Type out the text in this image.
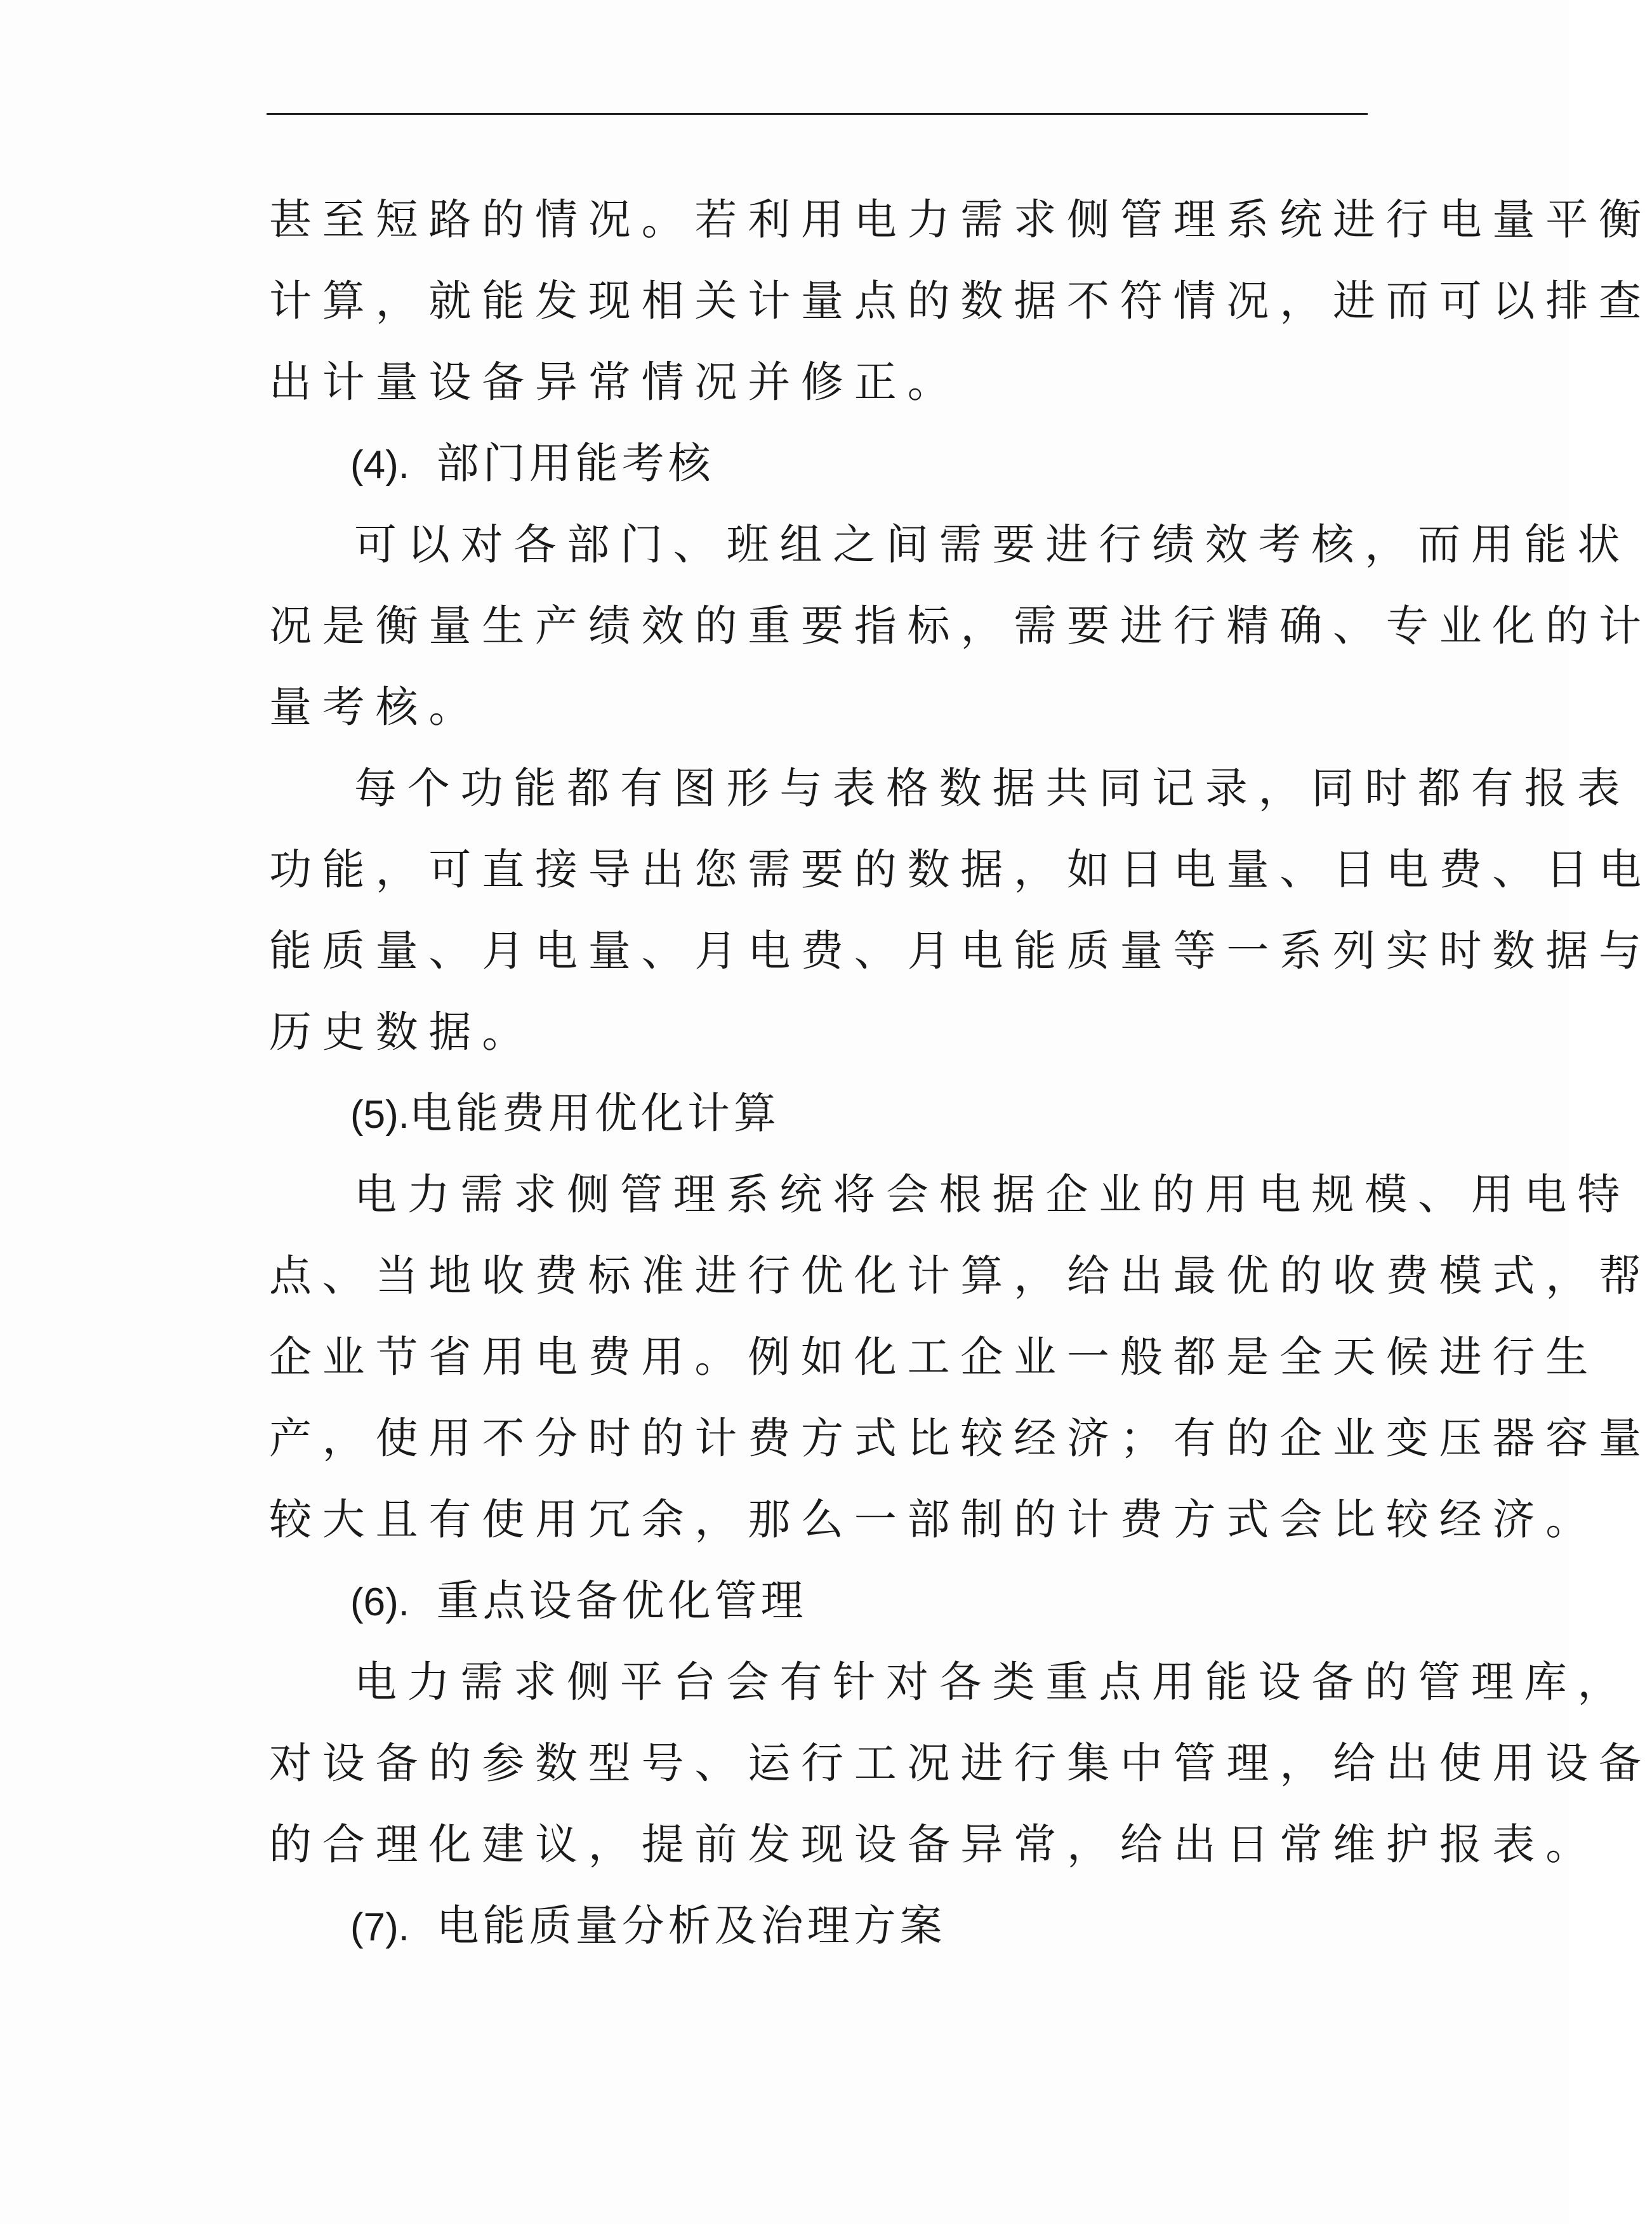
甚至短路的情况。若利用电力需求侧管理系统进行电量平衡
计算，就能发现相关计量点的数据不符情况，进而可以排查
出计量设备异常情况并修正。
(4). 部门用能考核
可以对各部门、班组之间需要进行绩效考核，而用能状
况是衡量生产绩效的重要指标，需要进行精确、专业化的计
量考核。
每个功能都有图形与表格数据共同记录，同时都有报表
功能，可直接导出您需要的数据，如日电量、日电费、日电
能质量、月电量、月电费、月电能质量等一系列实时数据与
历史数据。
(5).电能费用优化计算
电力需求侧管理系统将会根据企业的用电规模、用电特
点、当地收费标准进行优化计算，给出最优的收费模式，帮
企业节省用电费用。例如化工企业一般都是全天候进行生
产，使用不分时的计费方式比较经济；有的企业变压器容量
较大且有使用冗余，那么一部制的计费方式会比较经济。
(6). 重点设备优化管理
电力需求侧平台会有针对各类重点用能设备的管理库，
对设备的参数型号、运行工况进行集中管理，给出使用设备
的合理化建议，提前发现设备异常，给出日常维护报表。
(7). 电能质量分析及治理方案
